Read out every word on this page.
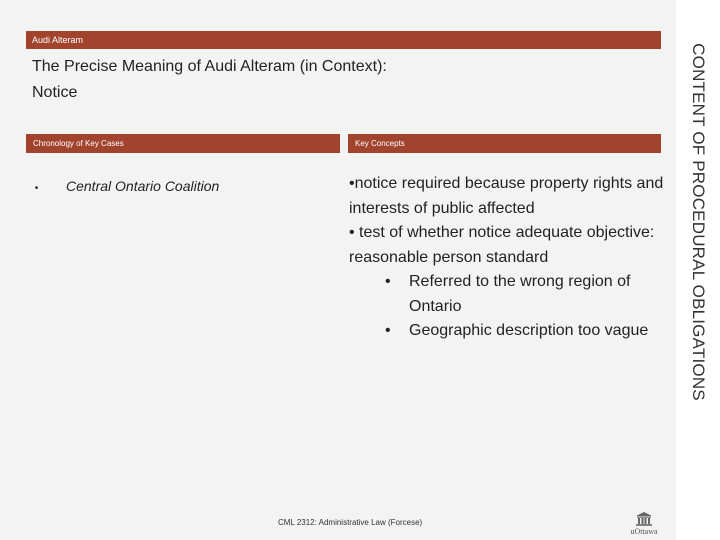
Audi Alteram
CONTENT OF PROCEDURAL OBLIGATIONS
The Precise Meaning of Audi Alteram (in Context):
Notice
Chronology of Key Cases	Key Concepts
•	Central Ontario Coalition	•notice required because property rights and interests of public affected

• test of whether notice adequate objective: reasonable person standard

•	Referred to the wrong region of Ontario
•	Geographic description too vague
CML 2312: Administrative Law (Forcese)
uOttawa
